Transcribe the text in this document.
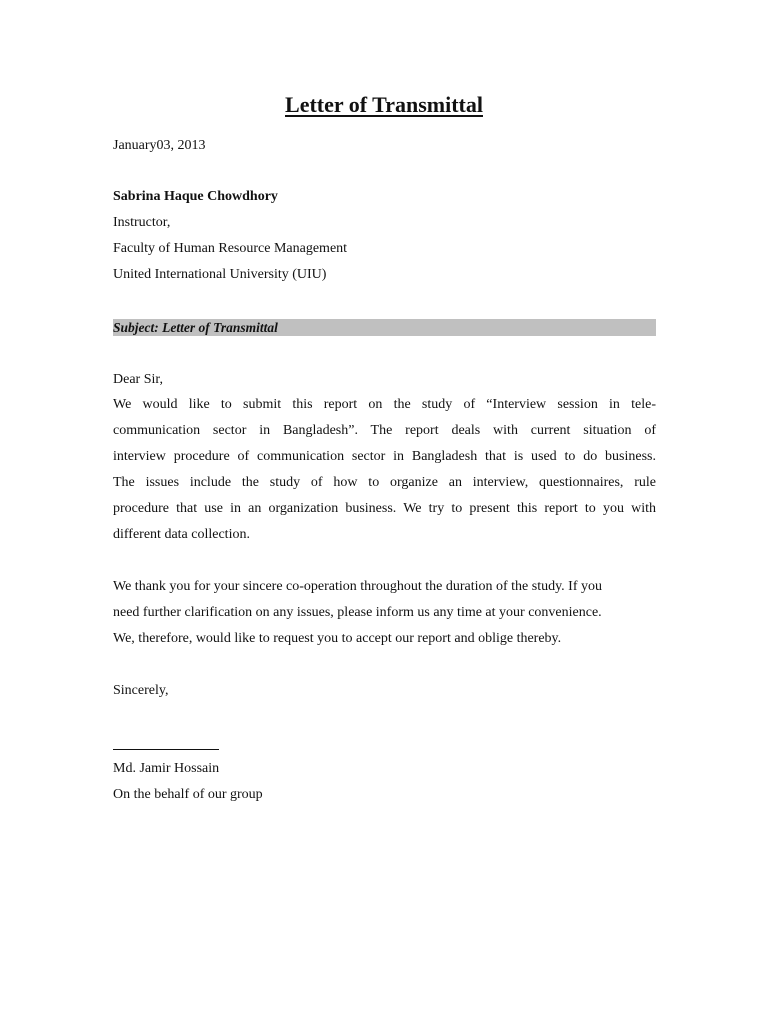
Letter of Transmittal

January03, 2013

Sabrina Haque Chowdhory

Instructor,

Faculty of Human Resource Management

United International University (UIU)

Subject: Letter of Transmittal

Dear Sir,

We would like to submit this report on the study of “Interview session in tele-
communication sector in Bangladesh”. The report deals with current situation of
interview procedure of communication sector in Bangladesh that is used to do business.
The issues include the study of how to organize an interview, questionnaires, rule
procedure that use in an organization business. We try to present this report to you with
different data collection.
We thank you for your sincere co-operation throughout the duration of the study. If you
need further clarification on any issues, please inform us any time at your convenience.
We, therefore, would like to request you to accept our report and oblige thereby.

Sincerely,

Md. Jamir Hossain

On the behalf of our group
